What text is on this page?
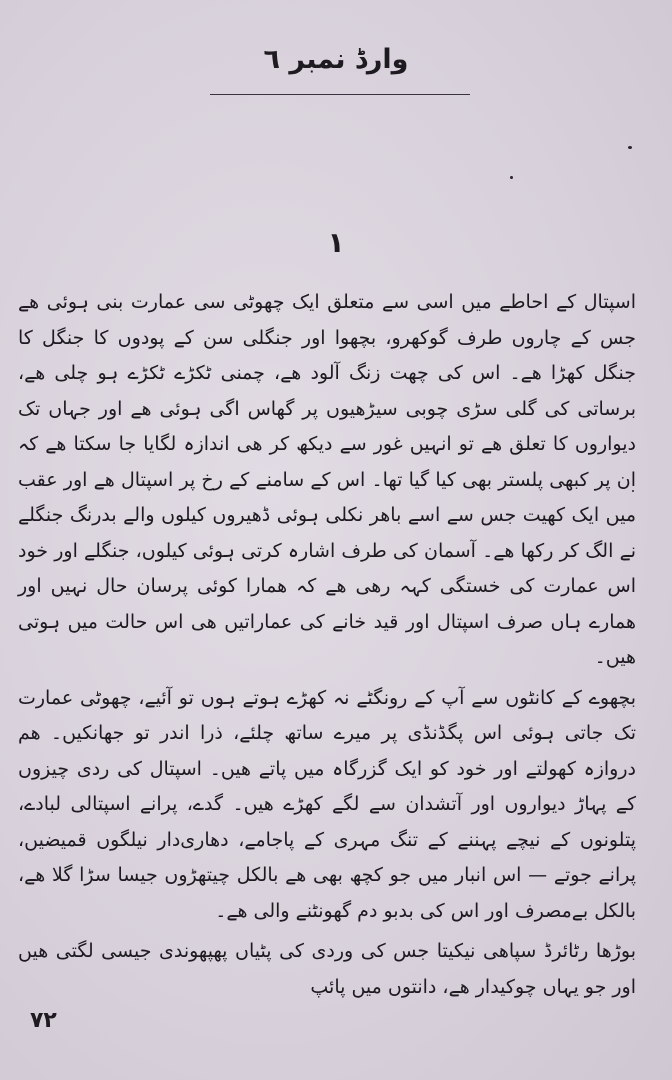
وارڈ نمبر ٦
١

اسپتال کے احاطے میں اسی سے متعلق ایک چھوٹی سی عمارت بنی ہوئی ھے جس کے چاروں طرف گوکھرو، بچھوا اور جنگلی سن کے پودوں کا جنگل کا جنگل کھڑا ھے۔ اس کی چھت زنگ آلود ھے، چمنی ٹکڑے ٹکڑے ہو چلی ھے، برساتی کی گلی سڑی چوبی سیڑھیوں پر گھاس اگی ہوئی ھے اور جہاں تک دیواروں کا تعلق ھے تو انہیں غور سے دیکھ کر ھی اندازہ لگایا جا سکتا ھے کہ ان پر کبھی پلستر بھی کیا گیا تھا۔ اس کے سامنے کے رخ پر اسپتال ھے اور عقب میں ایک کھیت جس سے اسے باھر نکلی ہوئی ڈھیروں کیلوں والے بدرنگ جنگلے نے الگ کر رکھا ھے۔ آسمان کی طرف اشارہ کرتی ہوئی کیلوں، جنگلے اور خود اس عمارت کی خستگی کہہ رھی ھے کہ ھمارا کوئی پرسان حال نہیں اور ھمارے ہاں صرف اسپتال اور قید خانے کی عماراتیں ھی اس حالت میں ہوتی ھیں۔

بچھوے کے کانٹوں سے آپ کے رونگٹے نہ کھڑے ہوتے ہوں تو آئیے، چھوٹی عمارت تک جاتی ہوئی اس پگڈنڈی پر میرے ساتھ چلئے، ذرا اندر تو جھانکیں۔ ھم دروازہ کھولتے اور خود کو ایک گزرگاہ میں پاتے ھیں۔ اسپتال کی ردی چیزوں کے پہاڑ دیواروں اور آتشدان سے لگے کھڑے ھیں۔ گدے، پرانے اسپتالی لبادے، پتلونوں کے نیچے پہننے کے تنگ مہری کے پاجامے، دھاری‌دار نیلگوں قمیضیں، پرانے جوتے — اس انبار میں جو کچھ بھی ھے بالکل چیتھڑوں جیسا سڑا گلا ھے، بالکل بےمصرف اور اس کی بدبو دم گھونٹنے والی ھے۔

بوڑھا رٹائرڈ سپاھی نیکیتا جس کی وردی کی پٹیاں پھپھوندی جیسی لگتی ھیں اور جو یہاں چوکیدار ھے، دانتوں میں پائپ

٧٢
